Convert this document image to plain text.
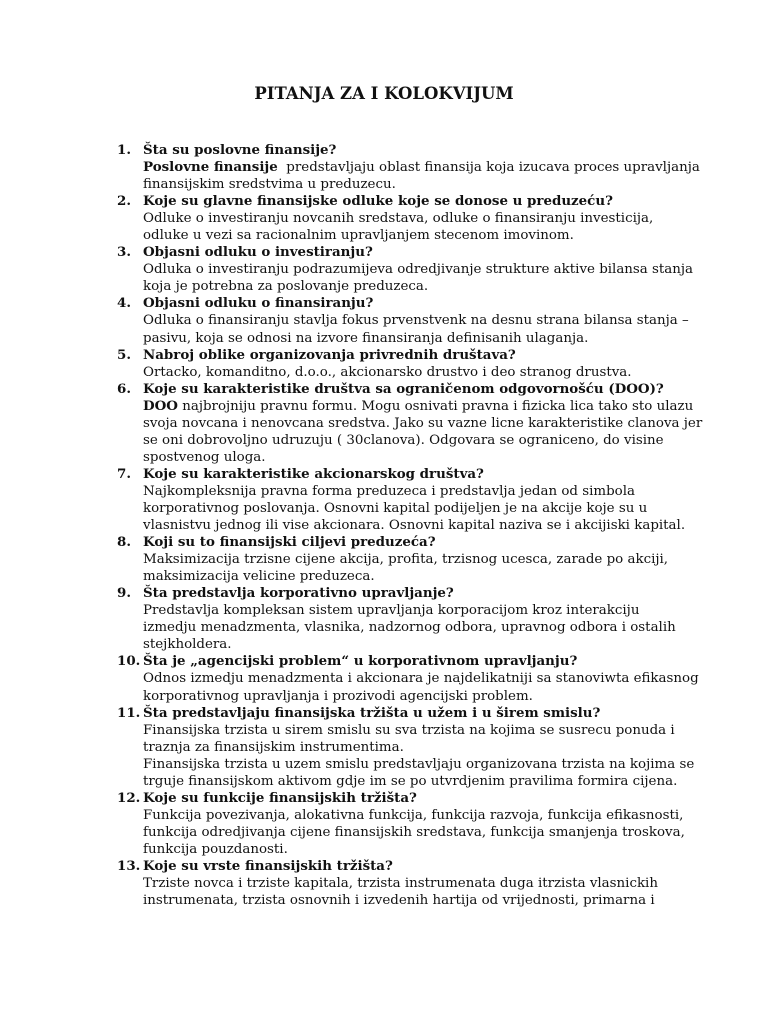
PITANJA ZA I KOLOKVIJUM
1. Šta su poslovne finansije?
Poslovne finansije  predstavljaju oblast finansija koja izucava proces upravljanja
finansijskim sredstvima u preduzecu.
2. Koje su glavne finansijske odluke koje se donose u preduzeću?
Odluke o investiranju novcanih sredstava, odluke o finansiranju investicija,
odluke u vezi sa racionalnim upravljanjem stecenom imovinom.
3. Objasni odluku o investiranju?
Odluka o investiranju podrazumijeva odredjivanje strukture aktive bilansa stanja
koja je potrebna za poslovanje preduzeca.
4. Objasni odluku o finansiranju?
Odluka o finansiranju stavlja fokus prvenstvenk na desnu strana bilansa stanja –
pasivu, koja se odnosi na izvore finansiranja definisanih ulaganja.
5. Nabroj oblike organizovanja privrednih društava?
Ortacko, komanditno, d.o.o., akcionarsko drustvo i deo stranog drustva.
6. Koje su karakteristike društva sa ograničenom odgovornošću (DOO)?
DOO najbrojniju pravnu formu. Mogu osnivati pravna i fizicka lica tako sto ulazu
svoja novcana i nenovcana sredstva. Jako su vazne licne karakteristike clanova jer
se oni dobrovoljno udruzuju ( 30clanova). Odgovara se ograniceno, do visine
spostvenog uloga.
7. Koje su karakteristike akcionarskog društva?
Najkompleksnija pravna forma preduzeca i predstavlja jedan od simbola
korporativnog poslovanja. Osnovni kapital podijeljen je na akcije koje su u
vlasnistvu jednog ili vise akcionara. Osnovni kapital naziva se i akcijiski kapital.
8. Koji su to finansijski ciljevi preduzeća?
Maksimizacija trzisne cijene akcija, profita, trzisnog ucesca, zarade po akciji,
maksimizacija velicine preduzeca.
9. Šta predstavlja korporativno upravljanje?
Predstavlja kompleksan sistem upravljanja korporacijom kroz interakciju
izmedju menadzmenta, vlasnika, nadzornog odbora, upravnog odbora i ostalih
stejkholdera.
10. Šta je „agencijski problem“ u korporativnom upravljanju?
Odnos izmedju menadzmenta i akcionara je najdelikatniji sa stanoviwta efikasnog
korporativnog upravljanja i prozivodi agencijski problem.
11. Šta predstavljaju finansijska tržišta u užem i u širem smislu?
Finansijska trzista u sirem smislu su sva trzista na kojima se susrecu ponuda i
traznja za finansijskim instrumentima.
Finansijska trzista u uzem smislu predstavljaju organizovana trzista na kojima se
trguje finansijskom aktivom gdje im se po utvrdjenim pravilima formira cijena.
12. Koje su funkcije finansijskih tržišta?
Funkcija povezivanja, alokativna funkcija, funkcija razvoja, funkcija efikasnosti,
funkcija odredjivanja cijene finansijskih sredstava, funkcija smanjenja troskova,
funkcija pouzdanosti.
13. Koje su vrste finansijskih tržišta?
Trziste novca i trziste kapitala, trzista instrumenata duga itrzista vlasnickih
instrumenata, trzista osnovnih i izvedenih hartija od vrijednosti, primarna i
